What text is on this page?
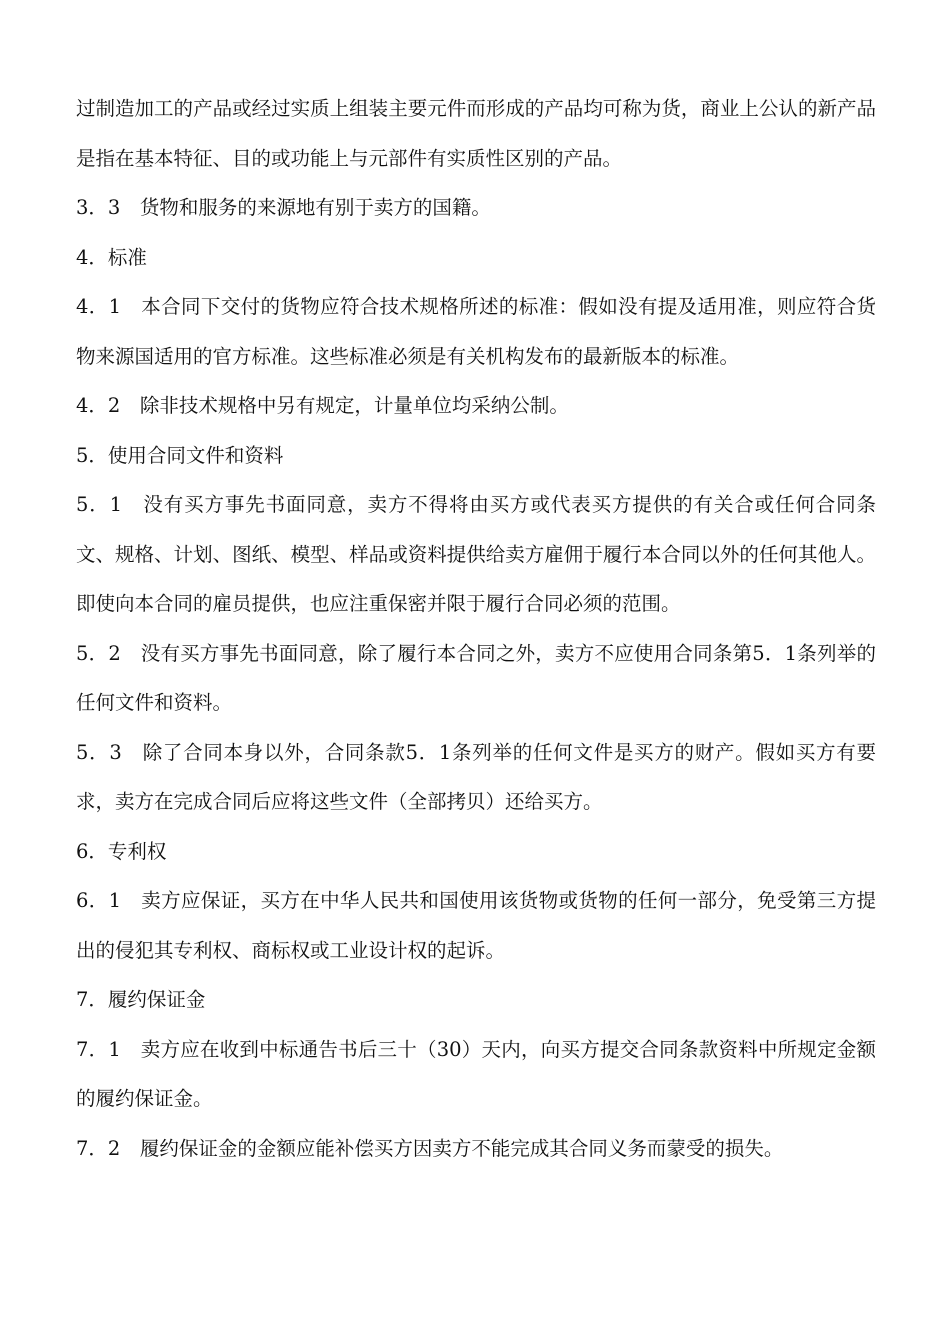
过制造加工的产品或经过实质上组装主要元件而形成的产品均可称为货，商业上公认的新产品是指在基本特征、目的或功能上与元部件有实质性区别的产品。

3．3　货物和服务的来源地有别于卖方的国籍。

4．标准

4．1　本合同下交付的货物应符合技术规格所述的标准：假如没有提及适用准，则应符合货物来源国适用的官方标准。这些标准必须是有关机构发布的最新版本的标准。

4．2　除非技术规格中另有规定，计量单位均采纳公制。

5．使用合同文件和资料

5．1　没有买方事先书面同意，卖方不得将由买方或代表买方提供的有关合或任何合同条文、规格、计划、图纸、模型、样品或资料提供给卖方雇佣于履行本合同以外的任何其他人。即使向本合同的雇员提供，也应注重保密并限于履行合同必须的范围。

5．2　没有买方事先书面同意，除了履行本合同之外，卖方不应使用合同条第5．1条列举的任何文件和资料。

5．3　除了合同本身以外，合同条款5．1条列举的任何文件是买方的财产。假如买方有要求，卖方在完成合同后应将这些文件（全部拷贝）还给买方。

6．专利权

6．1　卖方应保证，买方在中华人民共和国使用该货物或货物的任何一部分，免受第三方提出的侵犯其专利权、商标权或工业设计权的起诉。

7．履约保证金

7．1　卖方应在收到中标通告书后三十（30）天内，向买方提交合同条款资料中所规定金额的履约保证金。

7．2　履约保证金的金额应能补偿买方因卖方不能完成其合同义务而蒙受的损失。
